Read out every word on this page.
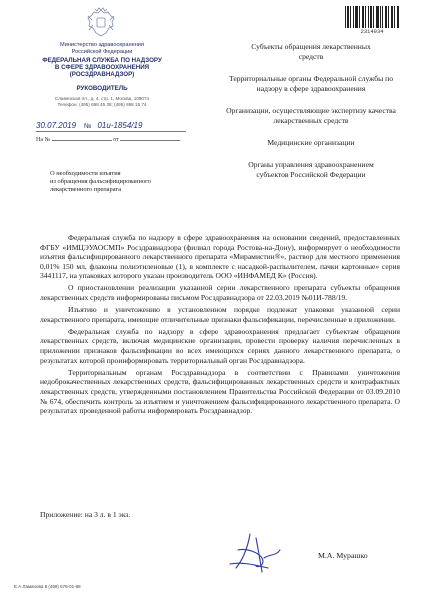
Министерство здравоохранения
Российской Федерации
ФЕДЕРАЛЬНАЯ СЛУЖБА ПО НАДЗОРУ
В СФЕРЕ ЗДРАВООХРАНЕНИЯ
(РОСЗДРАВНАДЗОР)
РУКОВОДИТЕЛЬ
Славянская пл., д. 4, стр. 1, Москва, 109074
Телефон: (495) 698 45 38, (495) 698 15 74
30.07.2019 № 01и-1854/19
На №	от
2314934
Субъекты обращения лекарственных средств
Территориальные органы Федеральной службы по надзору в сфере здравоохранения
Организации, осуществляющие экспертизу качества лекарственных средств
Медицинские организации
Органы управления здравоохранением субъектов Российской Федерации
О необходимости изъятия
из обращения фальсифицированного
лекарственного препарата

Федеральная служба по надзору в сфере здравоохранения на основании сведений, предоставленных ФГБУ «ИМЦЭУАОСМП» Росздравнадзора (филиал города Ростова-на-Дону), информирует о необходимости изъятия фальсифицированного лекарственного препарата «Мирамистин®», раствор для местного применения 0,01% 150 мл, флаконы полиэтиленовые (1), в комплекте с насадкой-распылителем, пачки картонные» серия 3441117, на упаковках которого указан производитель ООО «ИНФАМЕД К» (Россия).

О приостановлении реализации указанной серии лекарственного препарата субъекты обращения лекарственных средств информированы письмом Росздравнадзора от 22.03.2019 №01И-788/19.

Изъятию и уничтожению в установленном порядке подлежат упаковки указанной серии лекарственного препарата, имеющие отличительные признаки фальсификации, перечисленные в приложении.

Федеральная служба по надзору в сфере здравоохранения предлагает субъектам обращения лекарственных средств, включая медицинские организации, провести проверку наличия перечисленных в приложении признаков фальсификации во всех имеющихся сериях данного лекарственного препарата, о результатах которой проинформировать территориальный орган Росздравнадзора.

Территориальным органам Росздравнадзора в соответствии с Правилами уничтожения недоброкачественных лекарственных средств, фальсифицированных лекарственных средств и контрафактных лекарственных средств, утвержденными постановлением Правительства Российской Федерации от 03.09.2010 № 674, обеспечить контроль за изъятием и уничтожением фальсифицированного лекарственного препарата. О результатах проведенной работы информировать Росздравнадзор.

Приложение: на 3 л. в 1 экз.
М.А. Мурашко
Е.А.Ламанова 8 (499) 578-01-88
